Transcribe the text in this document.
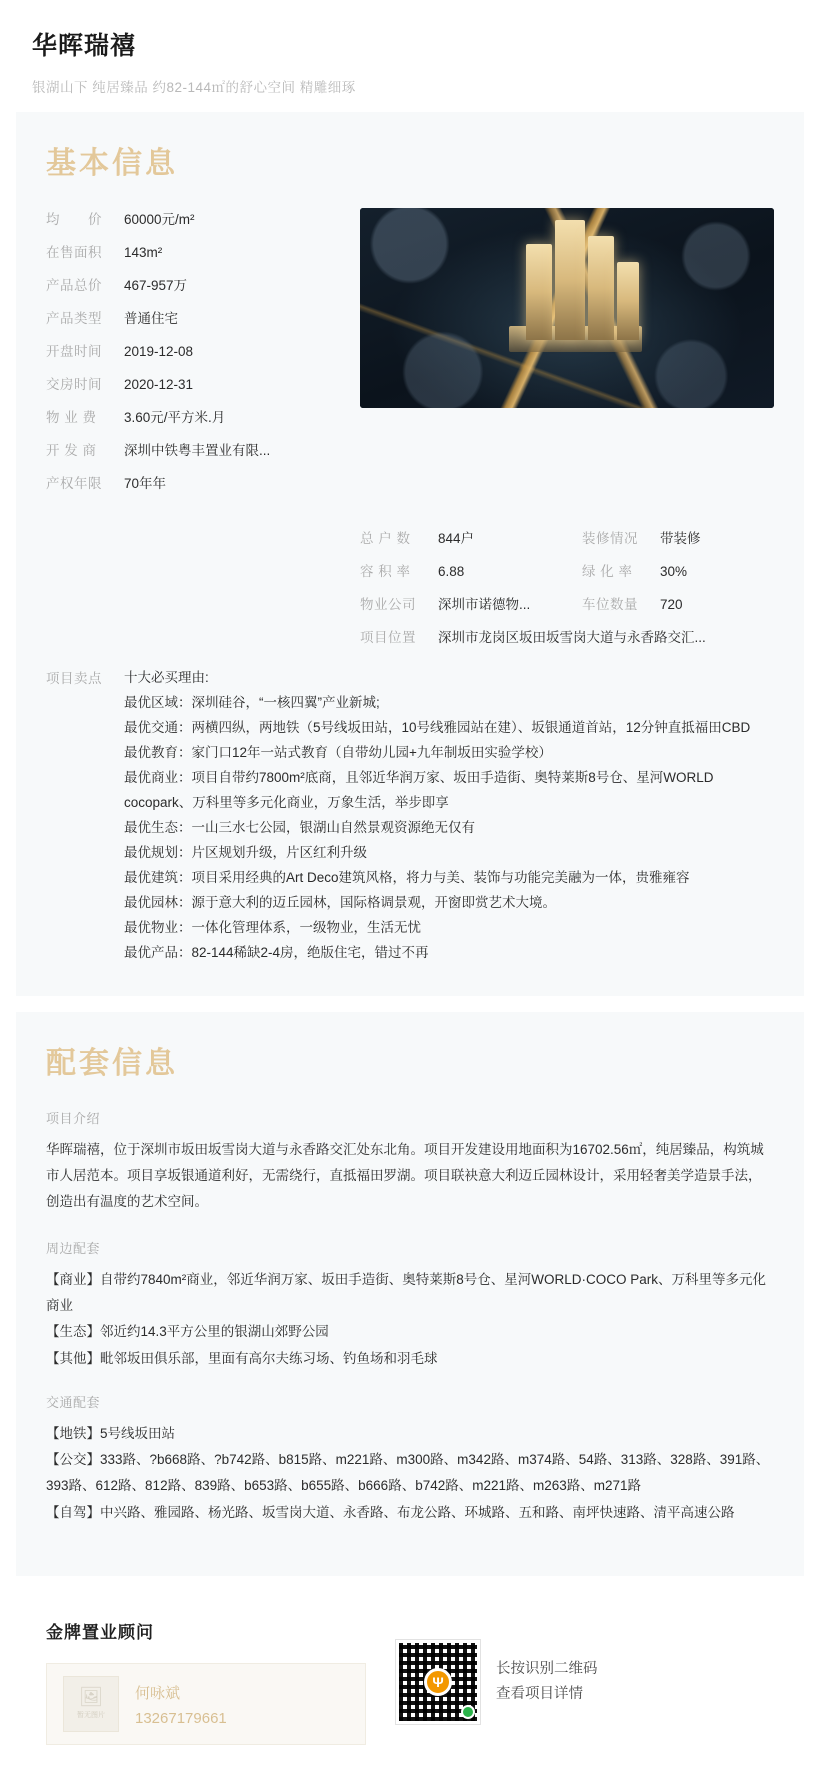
华晖瑞禧
银湖山下 纯居臻品 约82-144㎡的舒心空间 精雕细琢
基本信息
均　　价	60000元/m²
在售面积	143m²
产品总价	467-957万
产品类型	普通住宅
开盘时间	2019-12-08
交房时间	2020-12-31
物 业 费	3.60元/平方米.月
开 发 商	深圳中铁粤丰置业有限...
产权年限	70年年
总 户 数	844户	装修情况	带装修
容 积 率	6.88	绿 化 率	30%
物业公司	深圳市诺德物...	车位数量	720
项目位置	深圳市龙岗区坂田坂雪岗大道与永香路交汇...
项目卖点	十大必买理由:
最优区域：深圳硅谷，“一核四翼”产业新城;
最优交通：两横四纵，两地铁（5号线坂田站，10号线雅园站在建）、坂银通道首站，12分钟直抵福田CBD
最优教育：家门口12年一站式教育（自带幼儿园+九年制坂田实验学校）
最优商业：项目自带约7800m²底商，且邻近华润万家、坂田手造街、奥特莱斯8号仓、星河WORLD cocopark、万科里等多元化商业，万象生活，举步即享
最优生态：一山三水七公园，银湖山自然景观资源绝无仅有
最优规划：片区规划升级，片区红利升级
最优建筑：项目采用经典的Art Deco建筑风格，将力与美、装饰与功能完美融为一体，贵雅雍容
最优园林：源于意大利的迈丘园林，国际格调景观，开窗即赏艺术大境。
最优物业：一体化管理体系，一级物业，生活无忧
最优产品：82-144稀缺2-4房，绝版住宅，错过不再
配套信息
项目介绍
华晖瑞禧，位于深圳市坂田坂雪岗大道与永香路交汇处东北角。项目开发建设用地面积为16702.56㎡，纯居臻品，构筑城市人居范本。项目享坂银通道利好，无需绕行，直抵福田罗湖。项目联袂意大利迈丘园林设计，采用轻奢美学造景手法，创造出有温度的艺术空间。
周边配套
【商业】自带约7840m²商业，邻近华润万家、坂田手造街、奥特莱斯8号仓、星河WORLD·COCO Park、万科里等多元化商业
【生态】邻近约14.3平方公里的银湖山郊野公园
【其他】毗邻坂田俱乐部，里面有高尔夫练习场、钓鱼场和羽毛球
交通配套
【地铁】5号线坂田站
【公交】333路、?b668路、?b742路、b815路、m221路、m300路、m342路、m374路、54路、313路、328路、391路、393路、612路、812路、839路、b653路、b655路、b666路、b742路、m221路、m263路、m271路
【自驾】中兴路、雅园路、杨光路、坂雪岗大道、永香路、布龙公路、环城路、五和路、南坪快速路、清平高速公路
金牌置业顾问
🖼
暂无图片
何咏斌
13267179661
Ψ
长按识别二维码
查看项目详情
